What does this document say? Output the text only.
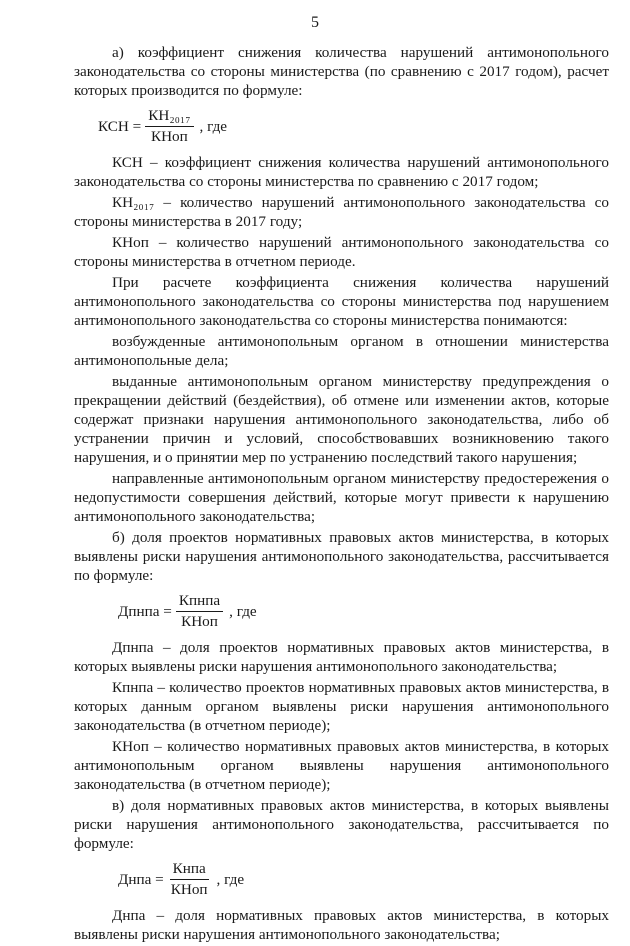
5

а) коэффициент снижения количества нарушений антимонопольного законодательства со стороны министерства (по сравнению с 2017 годом), расчет которых производится по формуле:

КСН = $\frac{\text{КН₂₀₁₇}}{\text{КНоп}}$ , где

КСН – коэффициент снижения количества нарушений антимонопольного законодательства со стороны министерства по сравнению с 2017 годом;

КН₂₀₁₇ – количество нарушений антимонопольного законодательства со стороны министерства в 2017 году;

КНоп – количество нарушений антимонопольного законодательства со стороны министерства в отчетном периоде.

При расчете коэффициента снижения количества нарушений антимонопольного законодательства со стороны министерства под нарушением антимонопольного законодательства со стороны министерства понимаются:

возбужденные антимонопольным органом в отношении министерства антимонопольные дела;

выданные антимонопольным органом министерству предупреждения о прекращении действий (бездействия), об отмене или изменении актов, которые содержат признаки нарушения антимонопольного законодательства, либо об устранении причин и условий, способствовавших возникновению такого нарушения, и о принятии мер по устранению последствий такого нарушения;

направленные антимонопольным органом министерству предостережения о недопустимости совершения действий, которые могут привести к нарушению антимонопольного законодательства;

б) доля проектов нормативных правовых актов министерства, в которых выявлены риски нарушения антимонопольного законодательства, рассчитывается по формуле:

Дпнпа = $\frac{\text{Кпнпа}}{\text{КНоп}}$ , где

Дпнпа – доля проектов нормативных правовых актов министерства, в которых выявлены риски нарушения антимонопольного законодательства;

Кпнпа – количество проектов нормативных правовых актов министерства, в которых данным органом выявлены риски нарушения антимонопольного законодательства (в отчетном периоде);

КНоп – количество нормативных правовых актов министерства, в которых антимонопольным органом выявлены нарушения антимонопольного законодательства (в отчетном периоде);

в) доля нормативных правовых актов министерства, в которых выявлены риски нарушения антимонопольного законодательства, рассчитывается по формуле:

Днпа = $\frac{\text{Кнпа}}{\text{КНоп}}$ , где

Днпа – доля нормативных правовых актов министерства, в которых выявлены риски нарушения антимонопольного законодательства;
